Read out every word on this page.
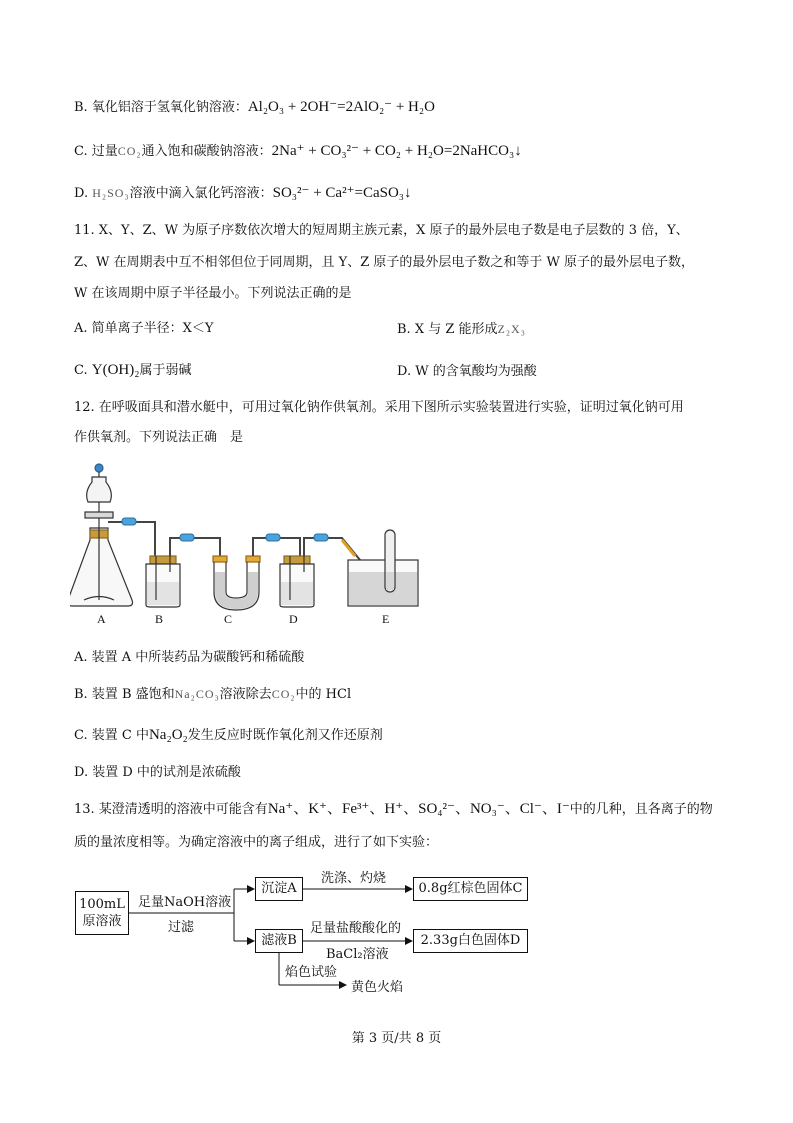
B. 氧化铝溶于氢氧化钠溶液：Al₂O₃ + 2OH⁻=2AlO₂⁻ + H₂O
C. 过量CO₂通入饱和碳酸钠溶液：2Na⁺ + CO₃²⁻ + CO₂ + H₂O=2NaHCO₃↓
D. H₂SO₃溶液中滴入氯化钙溶液：SO₃²⁻ + Ca²⁺=CaSO₃↓
11. X、Y、Z、W 为原子序数依次增大的短周期主族元素，X 原子的最外层电子数是电子层数的 3 倍，Y、
Z、W 在周期表中互不相邻但位于同周期，且 Y、Z 原子的最外层电子数之和等于 W 原子的最外层电子数，
W 在该周期中原子半径最小。下列说法正确的是
A. 简单离子半径：X＜Y	B. X 与 Z 能形成Z₂X₃
C. Y(OH)₂属于弱碱	D. W 的含氧酸均为强酸
12. 在呼吸面具和潜水艇中，可用过氧化钠作供氧剂。采用下图所示实验装置进行实验，证明过氧化钠可用
作供氧剂。下列说法正确　是
A	B	C	D	E
A. 装置 A 中所装药品为碳酸钙和稀硫酸
B. 装置 B 盛饱和Na₂CO₃溶液除去CO₂中的 HCl
C. 装置 C 中Na₂O₂发生反应时既作氧化剂又作还原剂
D. 装置 D 中的试剂是浓硫酸
13. 某澄清透明的溶液中可能含有Na⁺、K⁺、Fe³⁺、H⁺、SO₄²⁻、NO₃⁻、Cl⁻、I⁻中的几种，且各离子的物
质的量浓度相等。为确定溶液中的离子组成，进行了如下实验：
100mL
原溶液
足量NaOH溶液
过滤
沉淀A
洗涤、灼烧
0.8g红棕色固体C
滤液B
足量盐酸酸化的
BaCl₂溶液
2.33g白色固体D
焰色试验
黄色火焰
第 3 页/共 8 页
